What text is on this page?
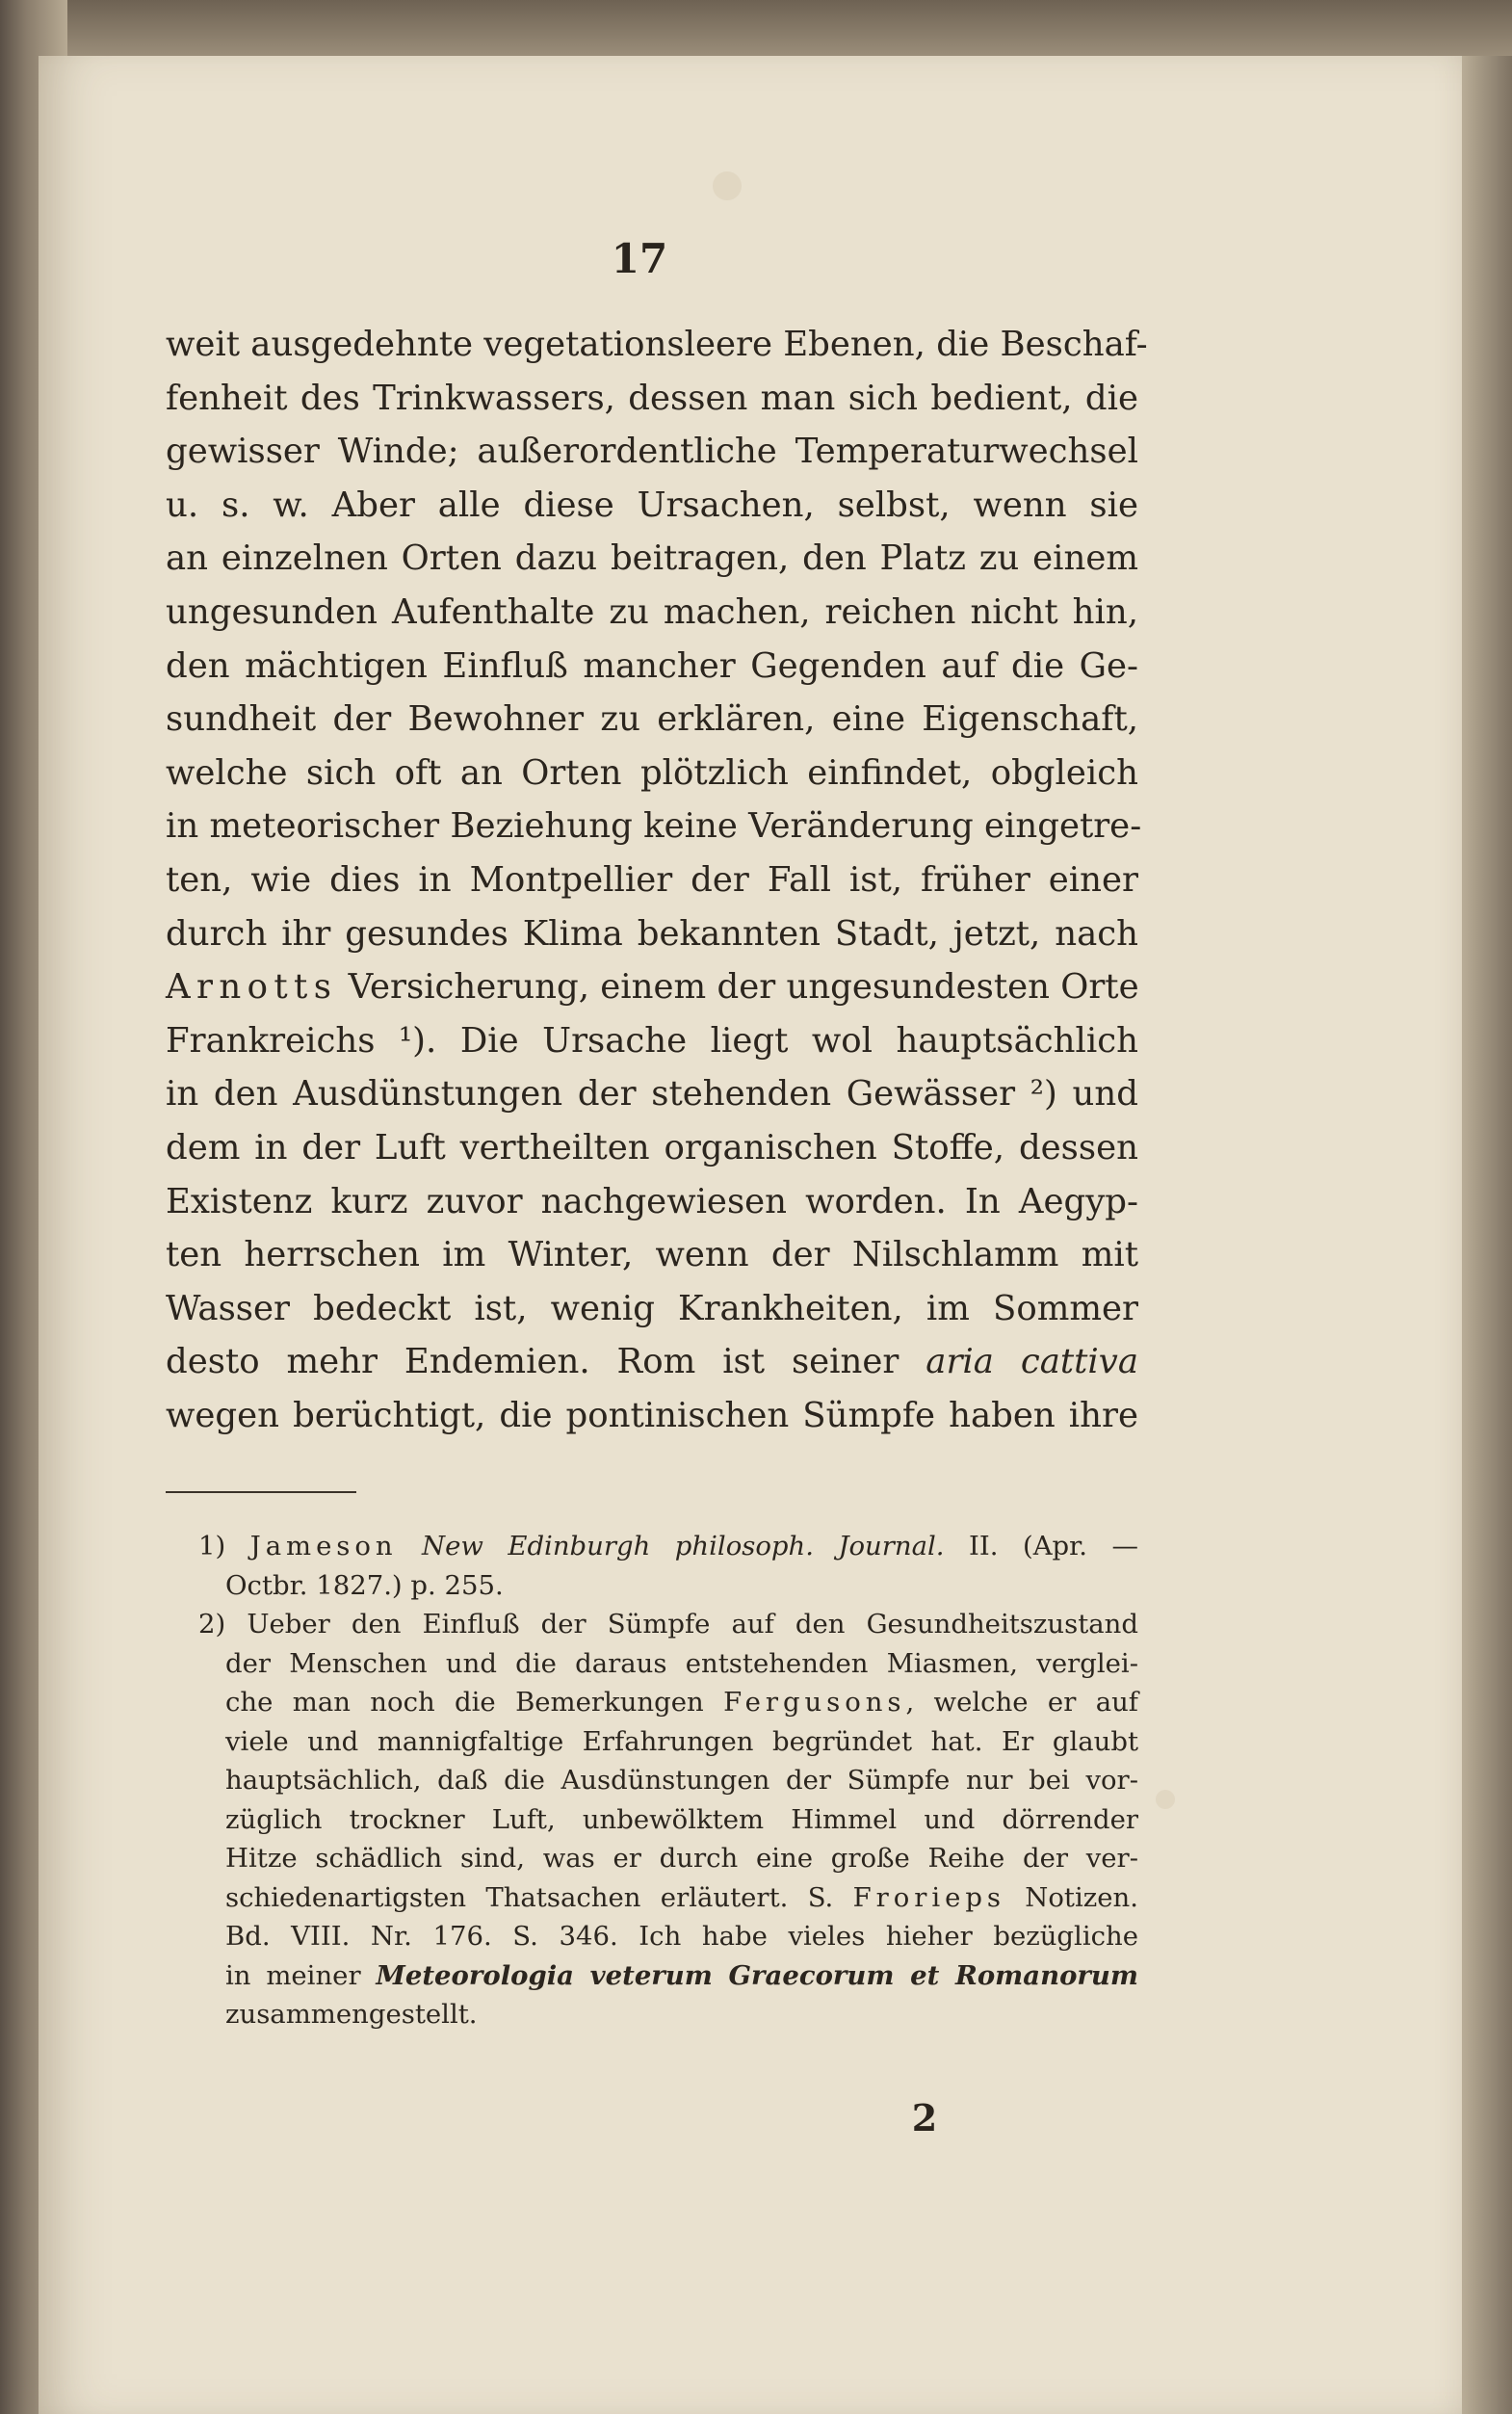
17

weit ausgedehnte vegetationsleere Ebenen, die Beschaf-
fenheit des Trinkwassers, dessen man sich bedient, die
gewisser Winde; außerordentliche Temperaturwechsel
u. s. w. Aber alle diese Ursachen, selbst, wenn sie
an einzelnen Orten dazu beitragen, den Platz zu einem
ungesunden Aufenthalte zu machen, reichen nicht hin,
den mächtigen Einfluß mancher Gegenden auf die Ge-
sundheit der Bewohner zu erklären, eine Eigenschaft,
welche sich oft an Orten plötzlich einfindet, obgleich
in meteorischer Beziehung keine Veränderung eingetre-
ten, wie dies in Montpellier der Fall ist, früher einer
durch ihr gesundes Klima bekannten Stadt, jetzt, nach
Arnotts Versicherung, einem der ungesundesten Orte
Frankreichs ¹). Die Ursache liegt wol hauptsächlich
in den Ausdünstungen der stehenden Gewässer ²) und
dem in der Luft vertheilten organischen Stoffe, dessen
Existenz kurz zuvor nachgewiesen worden. In Aegyp-
ten herrschen im Winter, wenn der Nilschlamm mit
Wasser bedeckt ist, wenig Krankheiten, im Sommer
desto mehr Endemien. Rom ist seiner aria cattiva
wegen berüchtigt, die pontinischen Sümpfe haben ihre
1) Jameson New Edinburgh philosoph. Journal. II. (Apr. —
Octbr. 1827.) p. 255.
2) Ueber den Einfluß der Sümpfe auf den Gesundheitszustand
der Menschen und die daraus entstehenden Miasmen, verglei-
che man noch die Bemerkungen Fergusons, welche er auf
viele und mannigfaltige Erfahrungen begründet hat. Er glaubt
hauptsächlich, daß die Ausdünstungen der Sümpfe nur bei vor-
züglich trockner Luft, unbewölktem Himmel und dörrender
Hitze schädlich sind, was er durch eine große Reihe der ver-
schiedenartigsten Thatsachen erläutert. S. Frorieps Notizen.
Bd. VIII. Nr. 176. S. 346. Ich habe vieles hieher bezügliche
in meiner Meteorologia veterum Graecorum et Romanorum
zusammengestellt.

2
